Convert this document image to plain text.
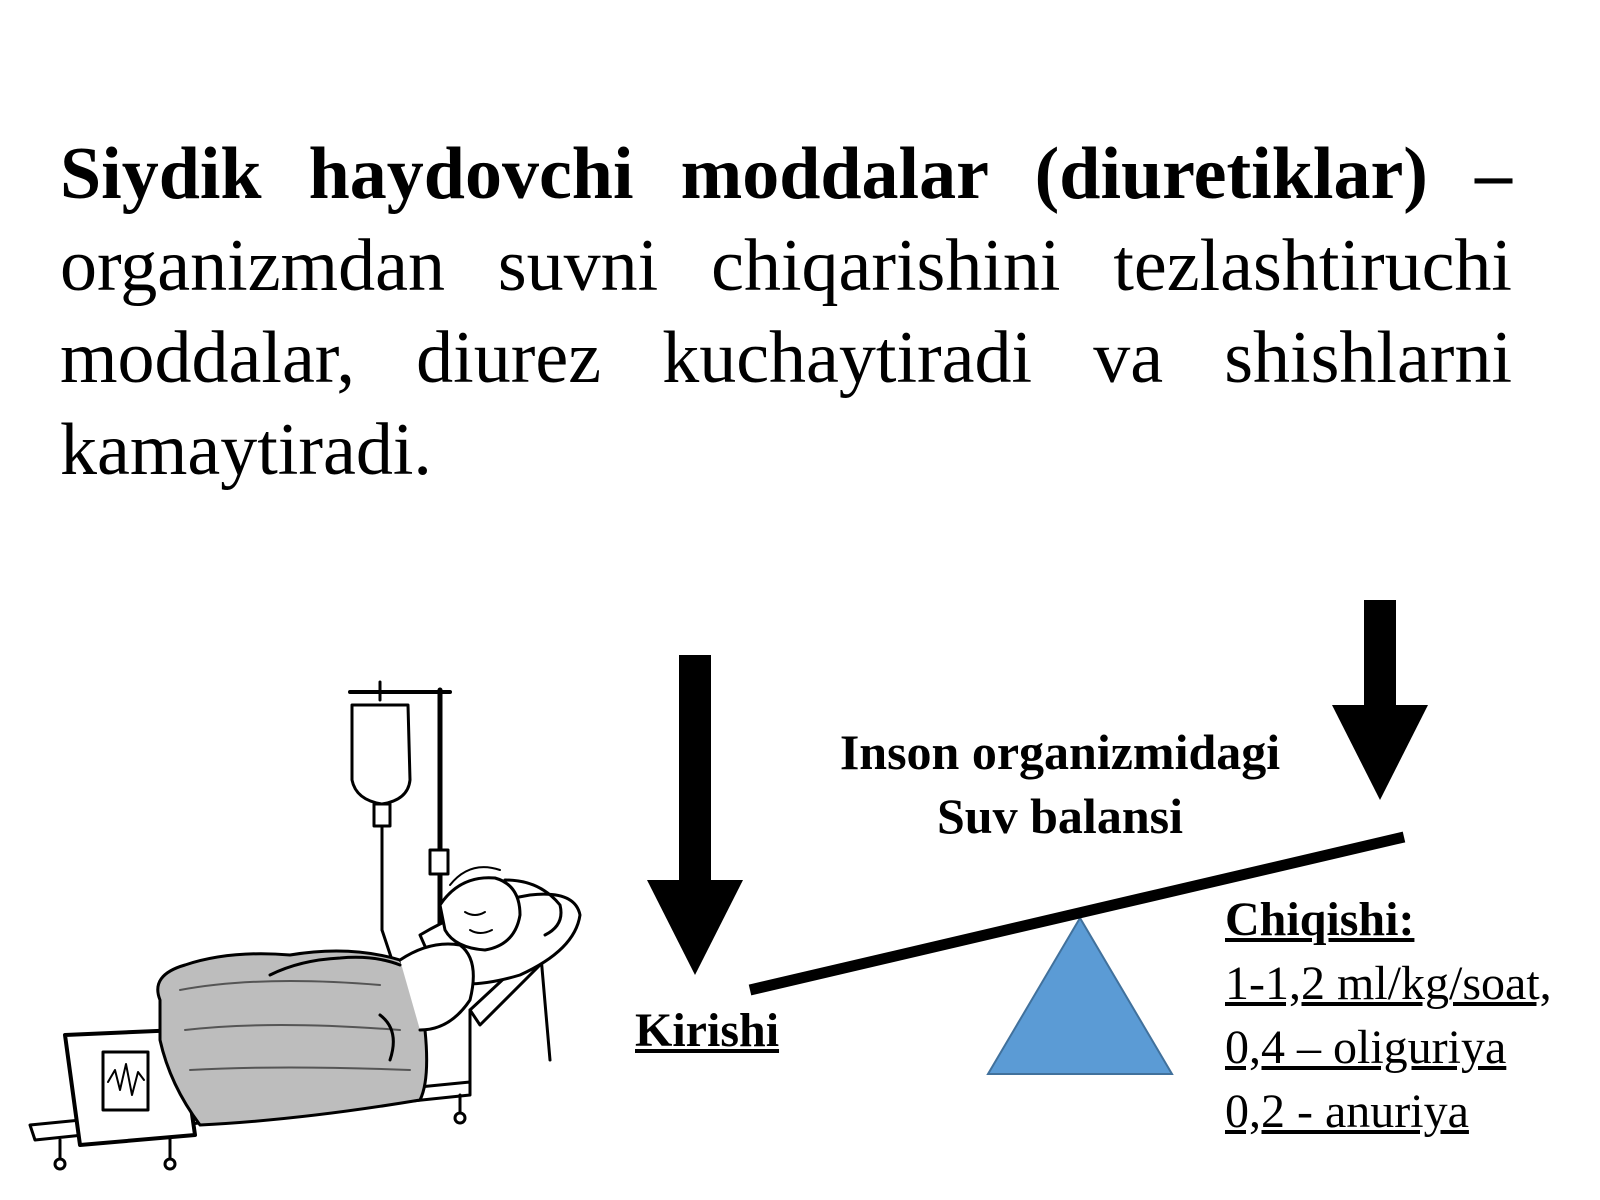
Siydik haydovchi moddalar (diuretiklar) – organizmdan suvni chiqarishini tezlashtiruchi moddalar, diurez kuchaytiradi va shishlarni kamaytiradi.
Inson organizmidagi
Suv balansi
Kirishi
Chiqishi:
1-1,2 ml/kg/soat,
0,4 – oliguriya
0,2 - anuriya
